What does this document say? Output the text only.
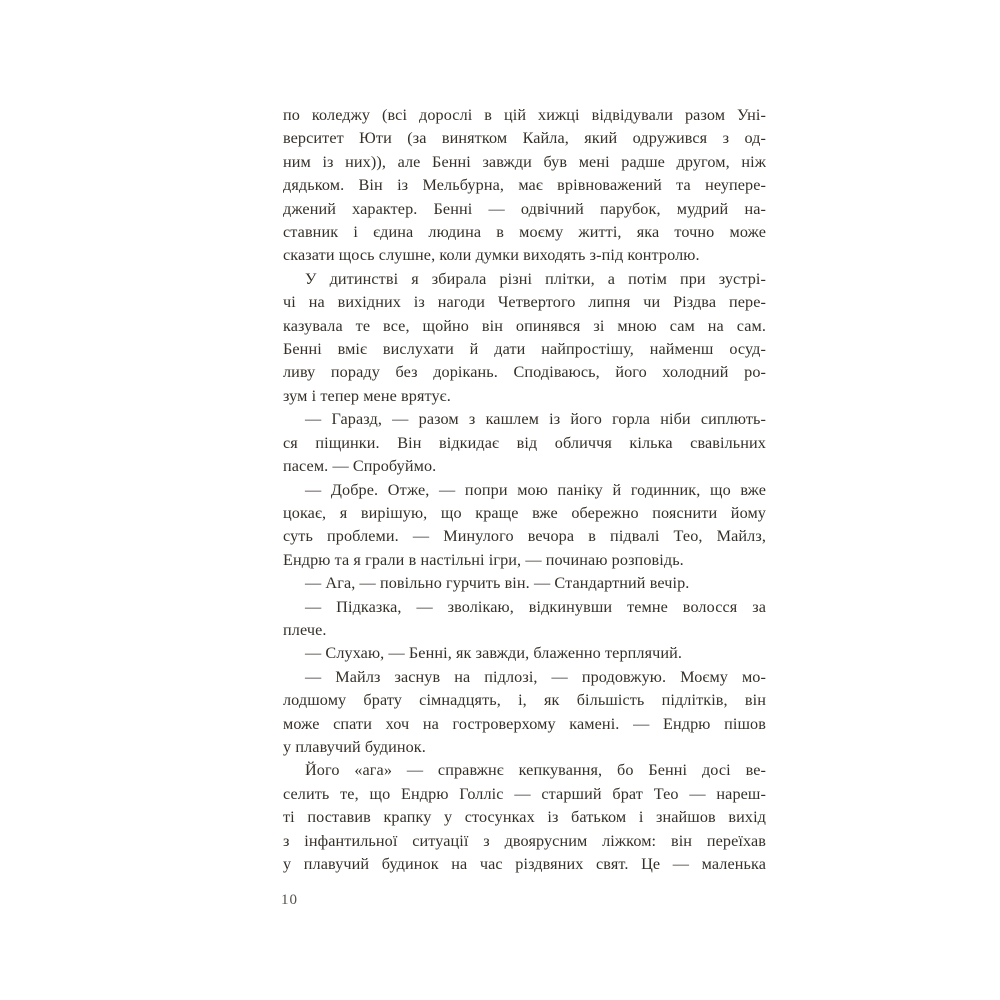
по коледжу (всі дорослі в цій хижці відвідували разом Уні-
верситет Юти (за винятком Кайла, який одружився з од-
ним із них)), але Бенні завжди був мені радше другом, ніж
дядьком. Він із Мельбурна, має врівноважений та неупере-
джений характер. Бенні — одвічний парубок, мудрий на-
ставник і єдина людина в моєму житті, яка точно може
сказати щось слушне, коли думки виходять з-під контролю.
У дитинстві я збирала різні плітки, а потім при зустрі-
чі на вихідних із нагоди Четвертого липня чи Різдва пере-
казувала те все, щойно він опинявся зі мною сам на сам.
Бенні вміє вислухати й дати найпростішу, найменш осуд-
ливу пораду без дорікань. Сподіваюсь, його холодний ро-
зум і тепер мене врятує.
— Гаразд, — разом з кашлем із його горла ніби сиплють-
ся піщинки. Він відкидає від обличчя кілька свавільних
пасем. — Спробуймо.
— Добре. Отже, — попри мою паніку й годинник, що вже
цокає, я вирішую, що краще вже обережно пояснити йому
суть проблеми. — Минулого вечора в підвалі Тео, Майлз,
Ендрю та я грали в настільні ігри, — починаю розповідь.
— Ага, — повільно гурчить він. — Стандартний вечір.
— Підказка, — зволікаю, відкинувши темне волосся за
плече.
— Слухаю, — Бенні, як завжди, блаженно терплячий.
— Майлз заснув на підлозі, — продовжую. Моєму мо-
лодшому брату сімнадцять, і, як більшість підлітків, він
може спати хоч на гостроверхому камені. — Ендрю пішов
у плавучий будинок.
Його «ага» — справжнє кепкування, бо Бенні досі ве-
селить те, що Ендрю Голліс — старший брат Тео — нареш-
ті поставив крапку у стосунках із батьком і знайшов вихід
з інфантильної ситуації з двоярусним ліжком: він переїхав
у плавучий будинок на час різдвяних свят. Це — маленька
10
